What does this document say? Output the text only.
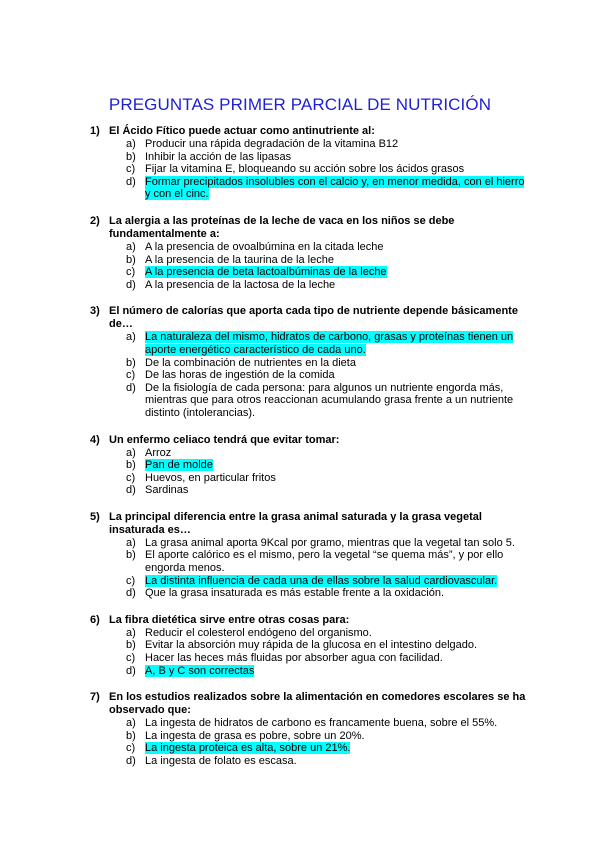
PREGUNTAS PRIMER PARCIAL DE NUTRICIÓN
1) El Ácido Fítico puede actuar como antinutriente al:
a) Producir una rápida degradación de la vitamina B12
b) Inhibir la acción de las lipasas
c) Fijar la vitamina E, bloqueando su acción sobre los ácidos grasos
d) Formar precipitados insolubles con el calcio y, en menor medida, con el hierro y con el cinc.
2) La alergia a las proteínas de la leche de vaca en los niños se debe fundamentalmente a:
a) A la presencia de ovoalbúmina en la citada leche
b) A la presencia de la taurina de la leche
c) A la presencia de beta lactoalbúminas de la leche
d) A la presencia de la lactosa de la leche
3) El número de calorías que aporta cada tipo de nutriente depende básicamente de…
a) La naturaleza del mismo, hidratos de carbono, grasas y proteínas tienen un aporte energético característico de cada uno.
b) De la combinación de nutrientes en la dieta
c) De las horas de ingestión de la comida
d) De la fisiología de cada persona: para algunos un nutriente engorda más, mientras que para otros reaccionan acumulando grasa frente a un nutriente distinto (intolerancias).
4) Un enfermo celiaco tendrá que evitar tomar:
a) Arroz
b) Pan de molde
c) Huevos, en particular fritos
d) Sardinas
5) La principal diferencia entre la grasa animal saturada y la grasa vegetal insaturada es…
a) La grasa animal aporta 9Kcal por gramo, mientras que la vegetal tan solo 5.
b) El aporte calórico es el mismo, pero la vegetal “se quema más”, y por ello engorda menos.
c) La distinta influencia de cada una de ellas sobre la salud cardiovascular.
d) Que la grasa insaturada es más estable frente a la oxidación.
6) La fibra dietética sirve entre otras cosas para:
a) Reducir el colesterol endógeno del organismo.
b) Evitar la absorción muy rápida de la glucosa en el intestino delgado.
c) Hacer las heces más fluidas por absorber agua con facilidad.
d) A, B y C son correctas
7) En los estudios realizados sobre la alimentación en comedores escolares se ha observado que:
a) La ingesta de hidratos de carbono es francamente buena, sobre el 55%.
b) La ingesta de grasa es pobre, sobre un 20%.
c) La ingesta proteica es alta, sobre un 21%.
d) La ingesta de folato es escasa.
